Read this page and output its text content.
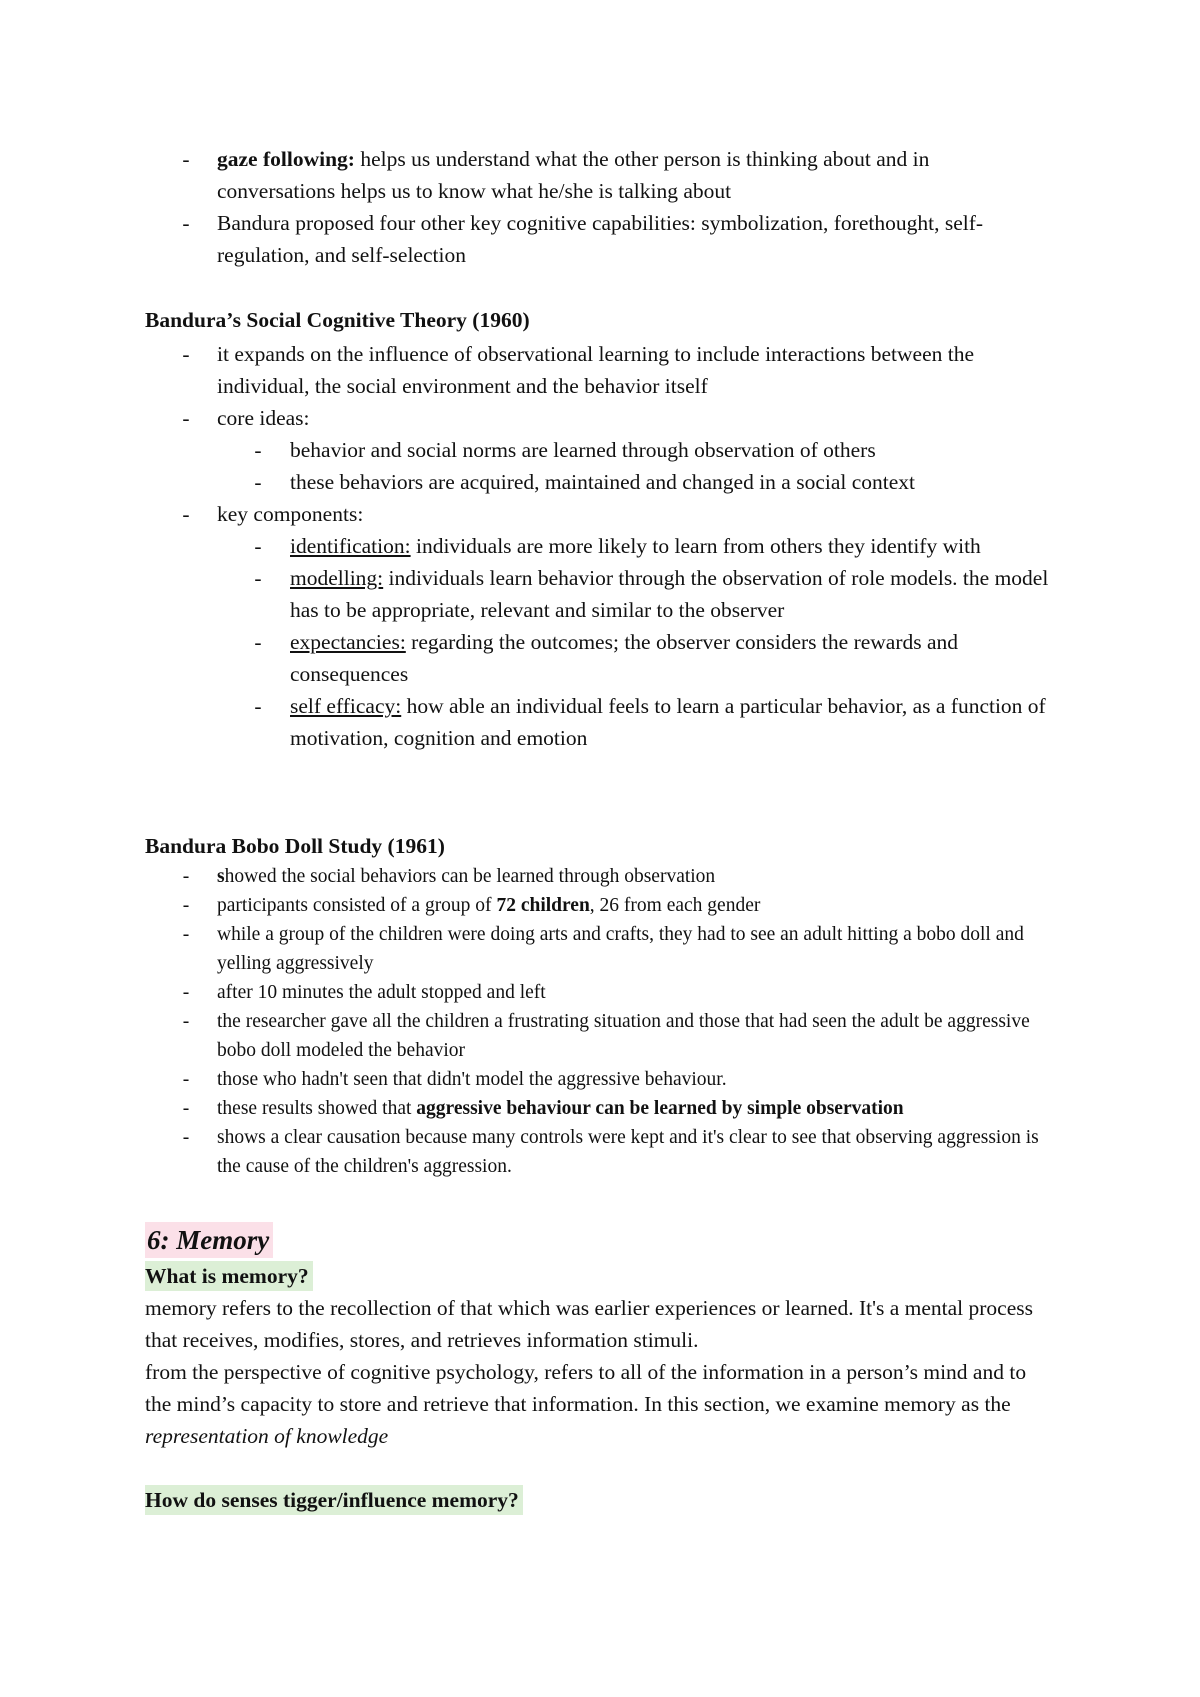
- gaze following: helps us understand what the other person is thinking about and in conversations helps us to know what he/she is talking about
- Bandura proposed four other key cognitive capabilities: symbolization, forethought, self-regulation, and self-selection
Bandura’s Social Cognitive Theory (1960)
- it expands on the influence of observational learning to include interactions between the individual, the social environment and the behavior itself
- core ideas:
- behavior and social norms are learned through observation of others
- these behaviors are acquired, maintained and changed in a social context
- key components:
- identification: individuals are more likely to learn from others they identify with
- modelling: individuals learn behavior through the observation of role models. the model has to be appropriate, relevant and similar to the observer
- expectancies: regarding the outcomes; the observer considers the rewards and consequences
- self efficacy: how able an individual feels to learn a particular behavior, as a function of motivation, cognition and emotion
Bandura Bobo Doll Study (1961)
-	showed the social behaviors can be learned through observation
-	participants consisted of a group of 72 children, 26 from each gender
-	while a group of the children were doing arts and crafts, they had to see an adult hitting a bobo doll and yelling aggressively
-	after 10 minutes the adult stopped and left
-	the researcher gave all the children a frustrating situation and those that had seen the adult be aggressive bobo doll modeled the behavior
-	those who hadn't seen that didn't model the aggressive behaviour.
-	these results showed that aggressive behaviour can be learned by simple observation
-	shows a clear causation because many controls were kept and it's clear to see that observing aggression is the cause of the children's aggression.
6: Memory
What is memory?
memory refers to the recollection of that which was earlier experiences or learned. It's a mental process that receives, modifies, stores, and retrieves information stimuli.
from the perspective of cognitive psychology, refers to all of the information in a person’s mind and to the mind’s capacity to store and retrieve that information. In this section, we examine memory as the representation of knowledge
How do senses tigger/influence memory?
